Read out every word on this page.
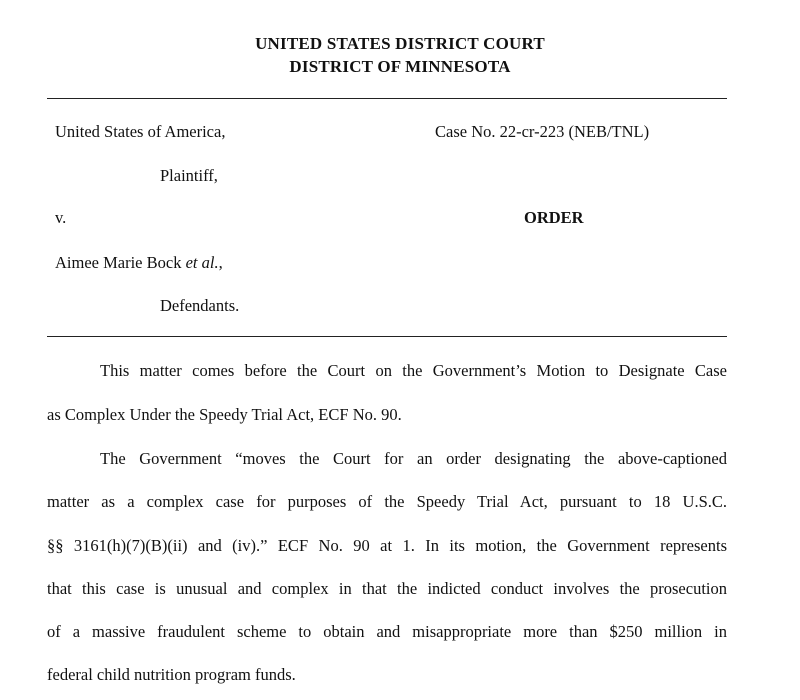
UNITED STATES DISTRICT COURT
DISTRICT OF MINNESOTA
United States of America,	Case No. 22-cr-223 (NEB/TNL)
Plaintiff,
v.	ORDER
Aimee Marie Bock et al.,
Defendants.
This matter comes before the Court on the Government’s Motion to Designate Case
as Complex Under the Speedy Trial Act, ECF No. 90.
The Government “moves the Court for an order designating the above-captioned
matter as a complex case for purposes of the Speedy Trial Act, pursuant to 18 U.S.C.
§§ 3161(h)(7)(B)(ii) and (iv).” ECF No. 90 at 1. In its motion, the Government represents
that this case is unusual and complex in that the indicted conduct involves the prosecution
of a massive fraudulent scheme to obtain and misappropriate more than $250 million in
federal child nutrition program funds.
